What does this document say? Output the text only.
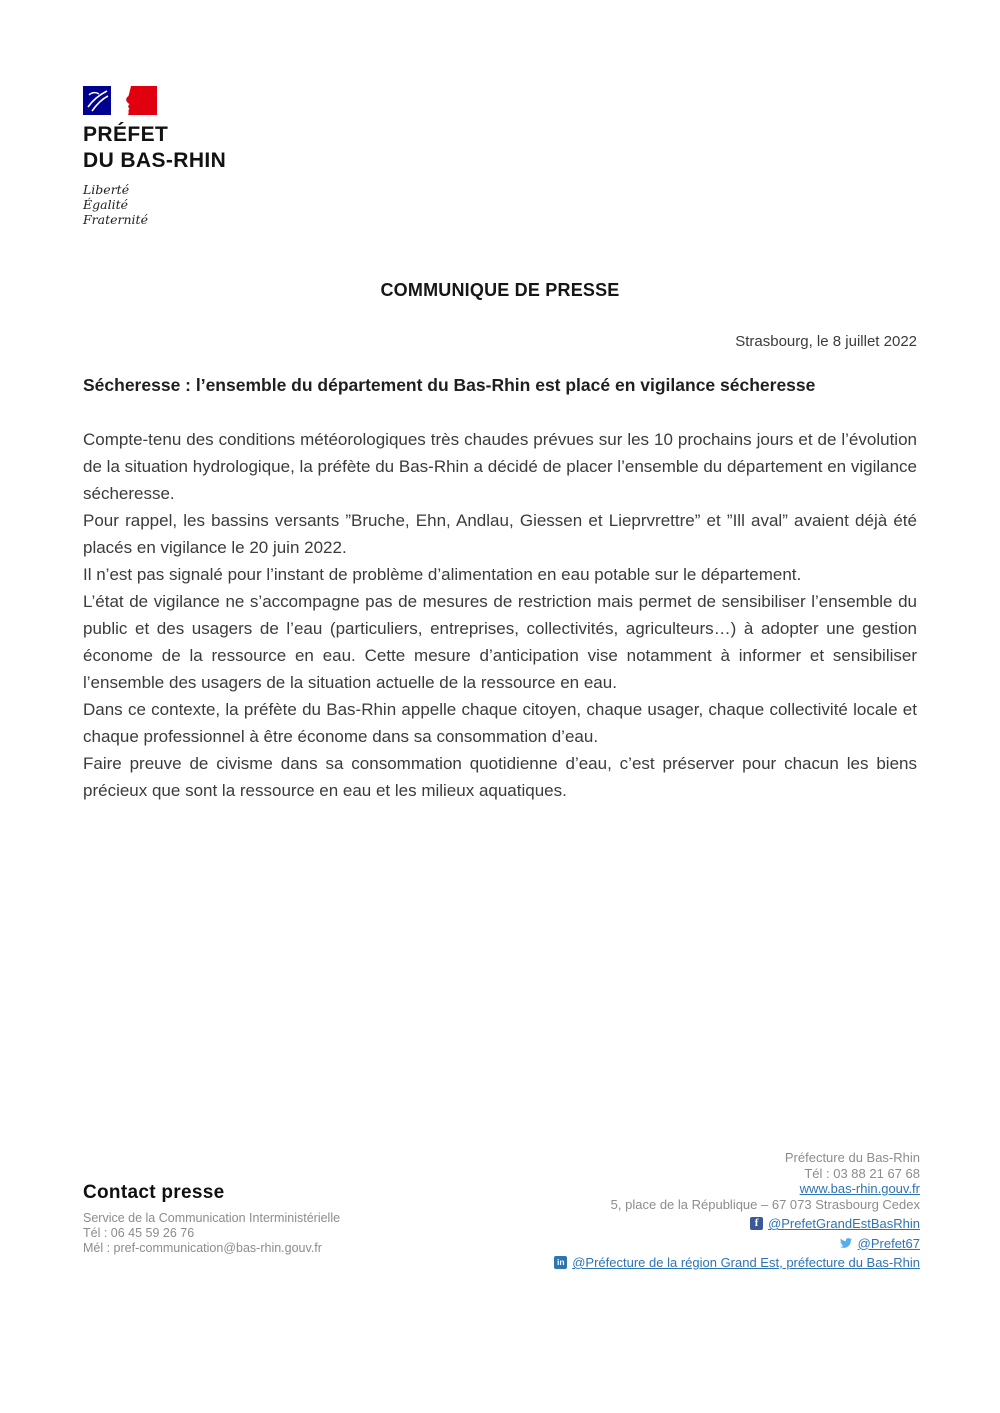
PRÉFET
DU BAS-RHIN
Liberté
Égalité
Fraternité
COMMUNIQUE DE PRESSE
Strasbourg, le 8 juillet 2022
Sécheresse : l’ensemble du département du Bas-Rhin est placé en vigilance sécheresse

Compte-tenu des conditions météorologiques très chaudes prévues sur les 10 prochains jours et de l’évolution de la situation hydrologique, la préfète du Bas-Rhin a décidé de placer l’ensemble du département en vigilance sécheresse.

Pour rappel, les bassins versants ”Bruche, Ehn, Andlau, Giessen et Lieprvrettre” et ”Ill aval” avaient déjà été placés en vigilance le 20 juin 2022.

Il n’est pas signalé pour l’instant de problème d’alimentation en eau potable sur le département.

L’état de vigilance ne s’accompagne pas de mesures de restriction mais permet de sensibiliser l’ensemble du public et des usagers de l’eau (particuliers, entreprises, collectivités, agriculteurs…) à adopter une gestion économe de la ressource en eau. Cette mesure d’anticipation vise notamment à informer et sensibiliser l’ensemble des usagers de la situation actuelle de la ressource en eau.

Dans ce contexte, la préfète du Bas-Rhin appelle chaque citoyen, chaque usager, chaque collectivité locale et chaque professionnel à être économe dans sa consommation d’eau.

Faire preuve de civisme dans sa consommation quotidienne d’eau, c’est préserver pour chacun les biens précieux que sont la ressource en eau et les milieux aquatiques.

Contact presse
Service de la Communication Interministérielle
Tél : 06 45 59 26 76
Mél : pref-communication@bas-rhin.gouv.fr
Préfecture du Bas-Rhin
Tél : 03 88 21 67 68
www.bas-rhin.gouv.fr
5, place de la République – 67 073 Strasbourg Cedex
f @PrefetGrandEstBasRhin
@Prefet67
in @Préfecture de la région Grand Est, préfecture du Bas-Rhin
